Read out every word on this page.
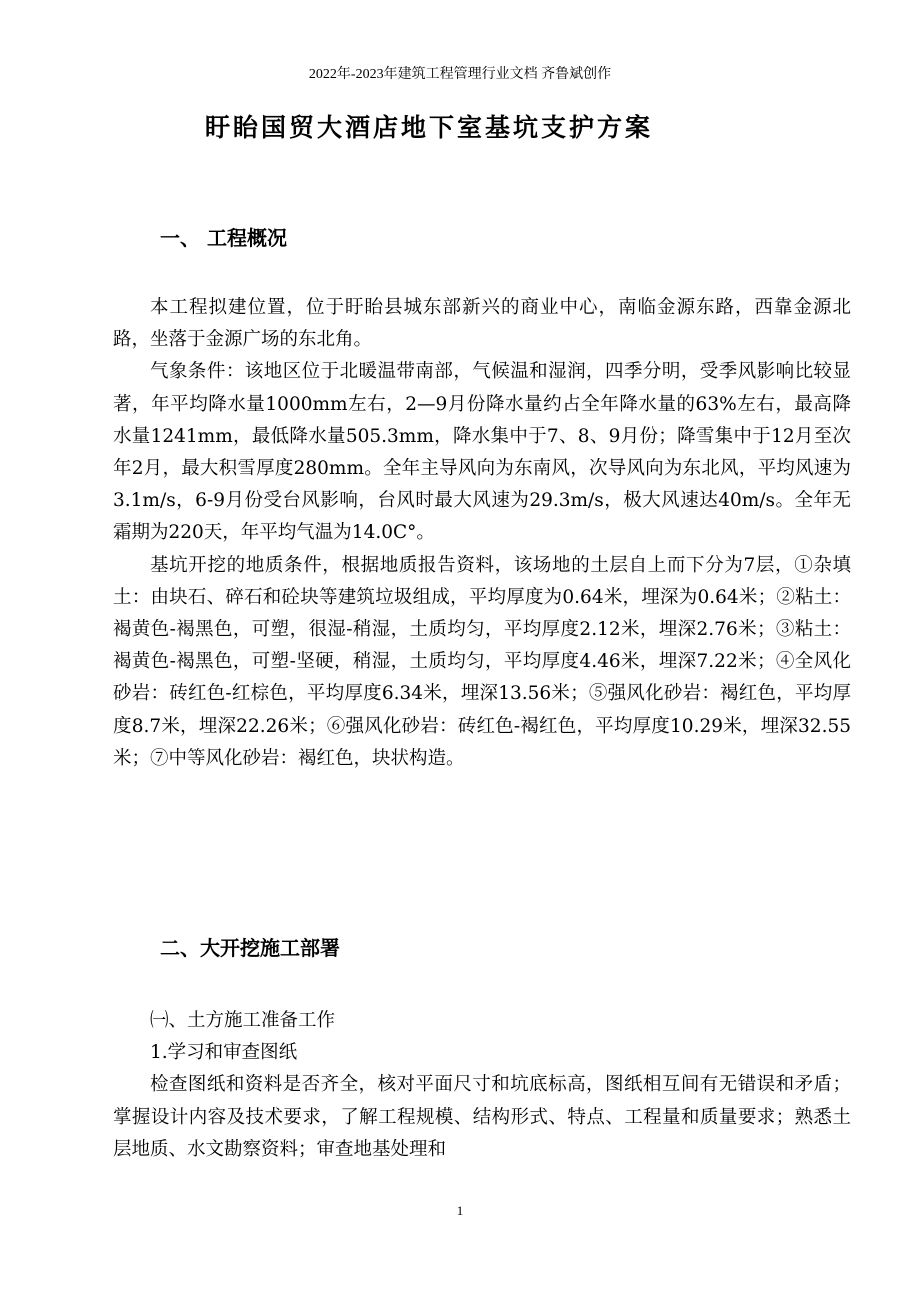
2022年-2023年建筑工程管理行业文档 齐鲁斌创作
盱眙国贸大酒店地下室基坑支护方案
一、 工程概况

本工程拟建位置，位于盱眙县城东部新兴的商业中心，南临金源东路，西靠金源北路，坐落于金源广场的东北角。

气象条件：该地区位于北暖温带南部，气候温和湿润，四季分明，受季风影响比较显著，年平均降水量1000mm左右，2—9月份降水量约占全年降水量的63%左右，最高降水量1241mm，最低降水量505.3mm，降水集中于7、8、9月份；降雪集中于12月至次年2月，最大积雪厚度280mm。全年主导风向为东南风，次导风向为东北风，平均风速为3.1m/s，6-9月份受台风影响，台风时最大风速为29.3m/s，极大风速达40m/s。全年无霜期为220天，年平均气温为14.0C°。

基坑开挖的地质条件，根据地质报告资料，该场地的土层自上而下分为7层，①杂填土：由块石、碎石和砼块等建筑垃圾组成，平均厚度为0.64米，埋深为0.64米；②粘土：褐黄色-褐黑色，可塑，很湿-稍湿，土质均匀，平均厚度2.12米，埋深2.76米；③粘土：褐黄色-褐黑色，可塑-坚硬，稍湿，土质均匀，平均厚度4.46米，埋深7.22米；④全风化砂岩：砖红色-红棕色，平均厚度6.34米，埋深13.56米；⑤强风化砂岩：褐红色，平均厚度8.7米，埋深22.26米；⑥强风化砂岩：砖红色-褐红色，平均厚度10.29米，埋深32.55米；⑦中等风化砂岩：褐红色，块状构造。

二、大开挖施工部署

㈠、土方施工准备工作

1.学习和审查图纸

检查图纸和资料是否齐全，核对平面尺寸和坑底标高，图纸相互间有无错误和矛盾；掌握设计内容及技术要求，了解工程规模、结构形式、特点、工程量和质量要求；熟悉土层地质、水文勘察资料；审查地基处理和

1
